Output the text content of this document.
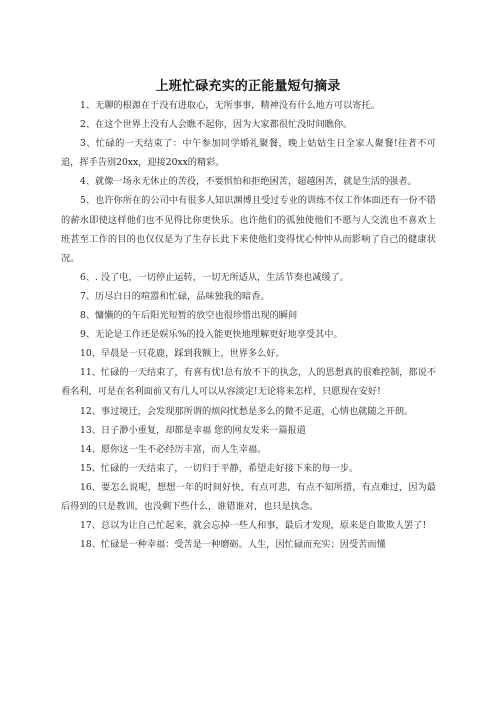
上班忙碌充实的正能量短句摘录

1、无聊的根源在于没有进取心，无所事事，精神没有什么地方可以寄托。

2、在这个世界上没有人会瞧不起你，因为大家都很忙没时间瞧你。

3、忙碌的一天结束了：中午参加同学婚礼聚餐，晚上姑姑生日全家人聚餐!往者不可追，挥手告别20xx，迎接20xx的精彩。

4、就像一场永无休止的苦役，不要惧怕和拒绝困苦，超越困苦，就是生活的强者。

5、也许你所在的公司中有很多人知识渊博且受过专业的训练不仅工作体面还有一份不错的薪水即使这样他们也不见得比你更快乐。也许他们的孤独使他们不愿与人交流也不喜欢上班甚至工作的目的也仅仅是为了生存长此下来使他们变得忧心忡忡从而影响了自己的健康状况。

6、. 没了电，一切停止运转，一切无所适从，生活节奏也减缓了。

7、历尽白日的喧嚣和忙碌，品味独我的暗香。

8、慵懒的的午后阳光短暂的放空也很珍惜出现的瞬间

9、无论是工作还是娱乐%的投入能更快地理解更好地享受其中。

10、早晨是一只花鹿，踩到我额上，世界多么好。

11、忙碌的一天结束了，有喜有忧!总有放不下的执念，人的思想真的很难控制，都说不看名利，可是在名利面前又有几人可以从容淡定!无论将来怎样，只愿现在安好!

12、事过境迁，会发现那所谓的烦闷忧愁是多么的微不足道，心情也就随之开朗。

13、日子渺小重复，却都是幸福 您的网友发来一篇报道

14、愿你这一生不必经历丰富，而人生幸福。

15、忙碌的一天结束了，一切归于平静，希望走好接下来的每一步。

16、要怎么说呢，想想一年的时间好快，有点可悲，有点不知所措，有点难过，因为最后得到的只是教训，也没剩下些什么，谁错谁对，也只是执念。

17、总以为让自己忙起来，就会忘掉一些人和事，最后才发现，原来是自欺欺人罢了!

18、忙碌是一种幸福：受苦是一种磨砺。人生，因忙碌而充实；因受苦而懂
